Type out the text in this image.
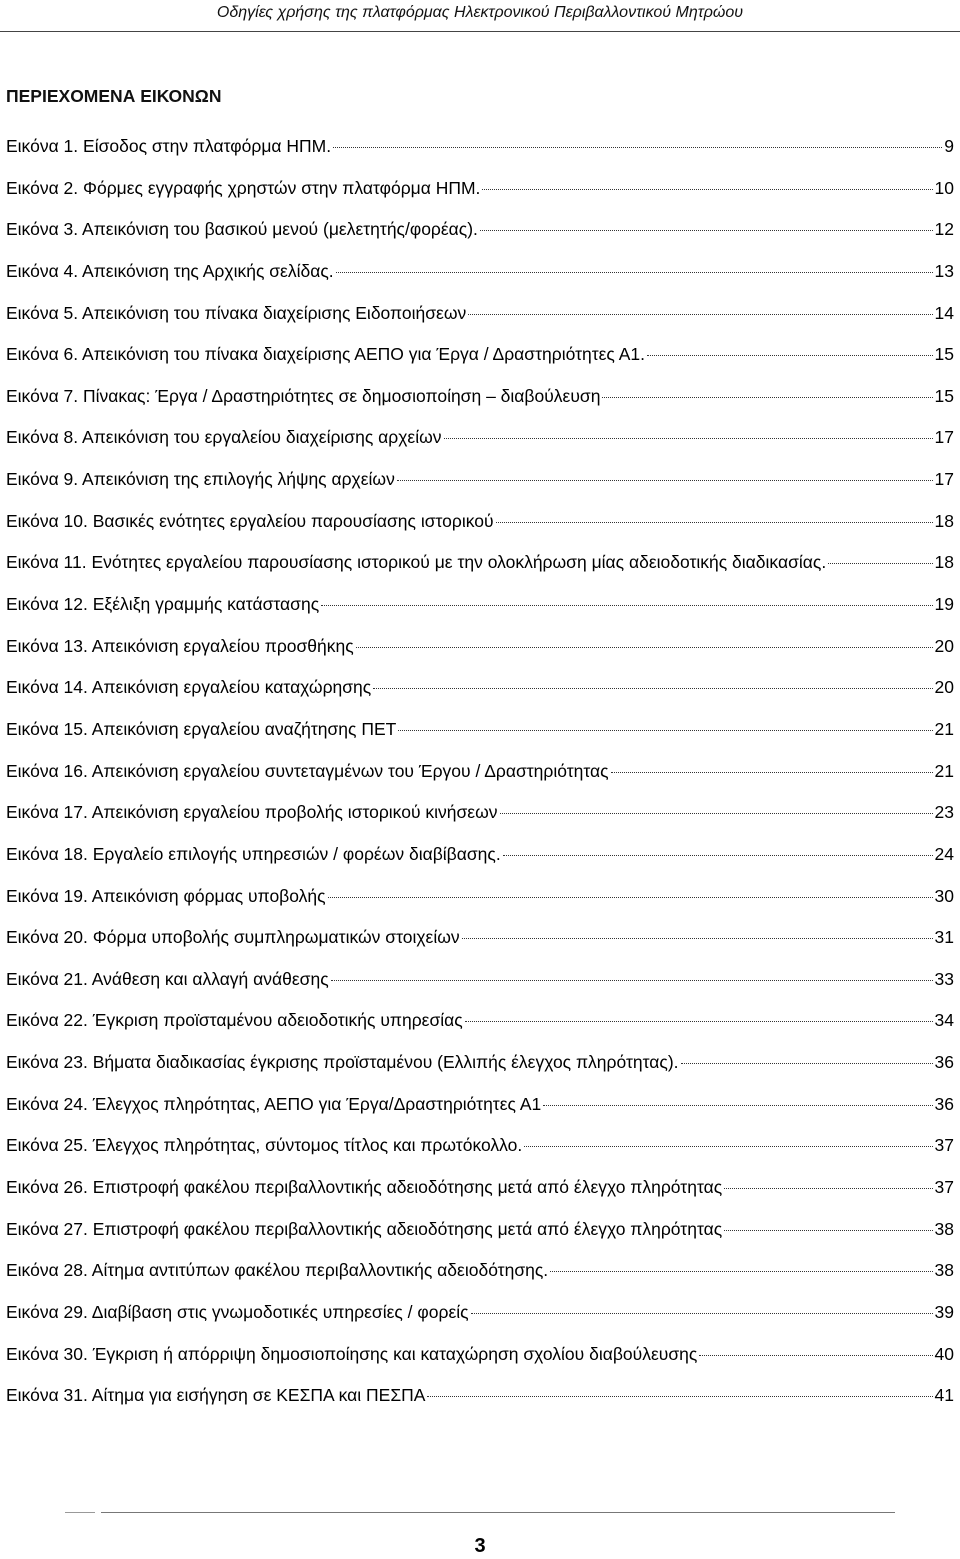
Οδηγίες χρήσης της πλατφόρμας Ηλεκτρονικού Περιβαλλοντικού Μητρώου
ΠΕΡΙΕΧΟΜΕΝΑ ΕΙΚΟΝΩΝ
Εικόνα 1. Είσοδος στην πλατφόρμα ΗΠΜ.	9
Εικόνα 2. Φόρμες εγγραφής χρηστών στην πλατφόρμα ΗΠΜ.	10
Εικόνα 3. Απεικόνιση του βασικού μενού (μελετητής/φορέας).	12
Εικόνα 4. Απεικόνιση της Αρχικής σελίδας.	13
Εικόνα 5. Απεικόνιση του πίνακα διαχείρισης Ειδοποιήσεων	14
Εικόνα 6. Απεικόνιση του πίνακα διαχείρισης ΑΕΠΟ για Έργα / Δραστηριότητες Α1.	15
Εικόνα 7. Πίνακας: Έργα / Δραστηριότητες σε δημοσιοποίηση – διαβούλευση	15
Εικόνα 8. Απεικόνιση του εργαλείου διαχείρισης αρχείων	17
Εικόνα 9. Απεικόνιση της επιλογής λήψης αρχείων	17
Εικόνα 10. Βασικές ενότητες εργαλείου παρουσίασης ιστορικού	18
Εικόνα 11. Ενότητες εργαλείου παρουσίασης ιστορικού με την ολοκλήρωση μίας αδειοδοτικής διαδικασίας.	18
Εικόνα 12. Εξέλιξη γραμμής κατάστασης	19
Εικόνα 13. Απεικόνιση εργαλείου προσθήκης	20
Εικόνα 14. Απεικόνιση εργαλείου καταχώρησης	20
Εικόνα 15. Απεικόνιση εργαλείου αναζήτησης ΠΕΤ	21
Εικόνα 16. Απεικόνιση εργαλείου συντεταγμένων του Έργου / Δραστηριότητας	21
Εικόνα 17. Απεικόνιση εργαλείου προβολής ιστορικού κινήσεων	23
Εικόνα 18. Εργαλείο επιλογής υπηρεσιών / φορέων διαβίβασης.	24
Εικόνα 19. Απεικόνιση φόρμας υποβολής	30
Εικόνα 20. Φόρμα υποβολής συμπληρωματικών στοιχείων	31
Εικόνα 21. Ανάθεση και αλλαγή ανάθεσης	33
Εικόνα 22. Έγκριση προϊσταμένου αδειοδοτικής υπηρεσίας	34
Εικόνα 23. Βήματα διαδικασίας έγκρισης προϊσταμένου (Ελλιπής έλεγχος πληρότητας).	36
Εικόνα 24. Έλεγχος πληρότητας, ΑΕΠΟ για Έργα/Δραστηριότητες Α1	36
Εικόνα 25. Έλεγχος πληρότητας, σύντομος τίτλος και πρωτόκολλο.	37
Εικόνα 26. Επιστροφή φακέλου περιβαλλοντικής αδειοδότησης μετά από έλεγχο πληρότητας	37
Εικόνα 27. Επιστροφή φακέλου περιβαλλοντικής αδειοδότησης μετά από έλεγχο πληρότητας	38
Εικόνα 28. Αίτημα αντιτύπων φακέλου περιβαλλοντικής αδειοδότησης.	38
Εικόνα 29. Διαβίβαση στις γνωμοδοτικές υπηρεσίες / φορείς	39
Εικόνα 30. Έγκριση ή απόρριψη δημοσιοποίησης και καταχώρηση σχολίου διαβούλευσης	40
Εικόνα 31. Αίτημα για εισήγηση σε ΚΕΣΠΑ και ΠΕΣΠΑ	41
3
